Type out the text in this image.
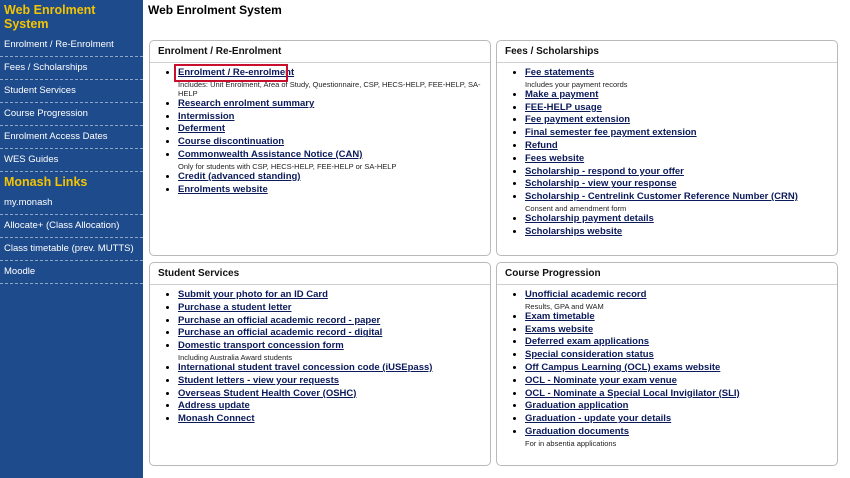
Web Enrolment System
Enrolment / Re-Enrolment
Fees / Scholarships
Student Services
Course Progression
Enrolment Access Dates
WES Guides
Monash Links
my.monash
Allocate+ (Class Allocation)
Class timetable (prev. MUTTS)
Moodle
Web Enrolment System
Enrolment / Re-Enrolment
• Enrolment / Re-enrolment
Includes: Unit Enrolment, Area of Study, Questionnaire, CSP, HECS-HELP, FEE-HELP, SA-HELP
• Research enrolment summary
• Intermission
• Deferment
• Course discontinuation
• Commonwealth Assistance Notice (CAN)
Only for students with CSP, HECS-HELP, FEE-HELP or SA-HELP
• Credit (advanced standing)
• Enrolments website
Fees / Scholarships
• Fee statements
Includes your payment records
• Make a payment
• FEE-HELP usage
• Fee payment extension
• Final semester fee payment extension
• Refund
• Fees website
• Scholarship - respond to your offer
• Scholarship - view your response
• Scholarship - Centrelink Customer Reference Number (CRN)
Consent and amendment form
• Scholarship payment details
• Scholarships website
Student Services
• Submit your photo for an ID Card
• Purchase a student letter
• Purchase an official academic record - paper
• Purchase an official academic record - digital
• Domestic transport concession form
Including Australia Award students
• International student travel concession code (iUSEpass)
• Student letters - view your requests
• Overseas Student Health Cover (OSHC)
• Address update
• Monash Connect
Course Progression
• Unofficial academic record
Results, GPA and WAM
• Exam timetable
• Exams website
• Deferred exam applications
• Special consideration status
• Off Campus Learning (OCL) exams website
• OCL - Nominate your exam venue
• OCL - Nominate a Special Local Invigilator (SLI)
• Graduation application
• Graduation - update your details
• Graduation documents
For in absentia applications
